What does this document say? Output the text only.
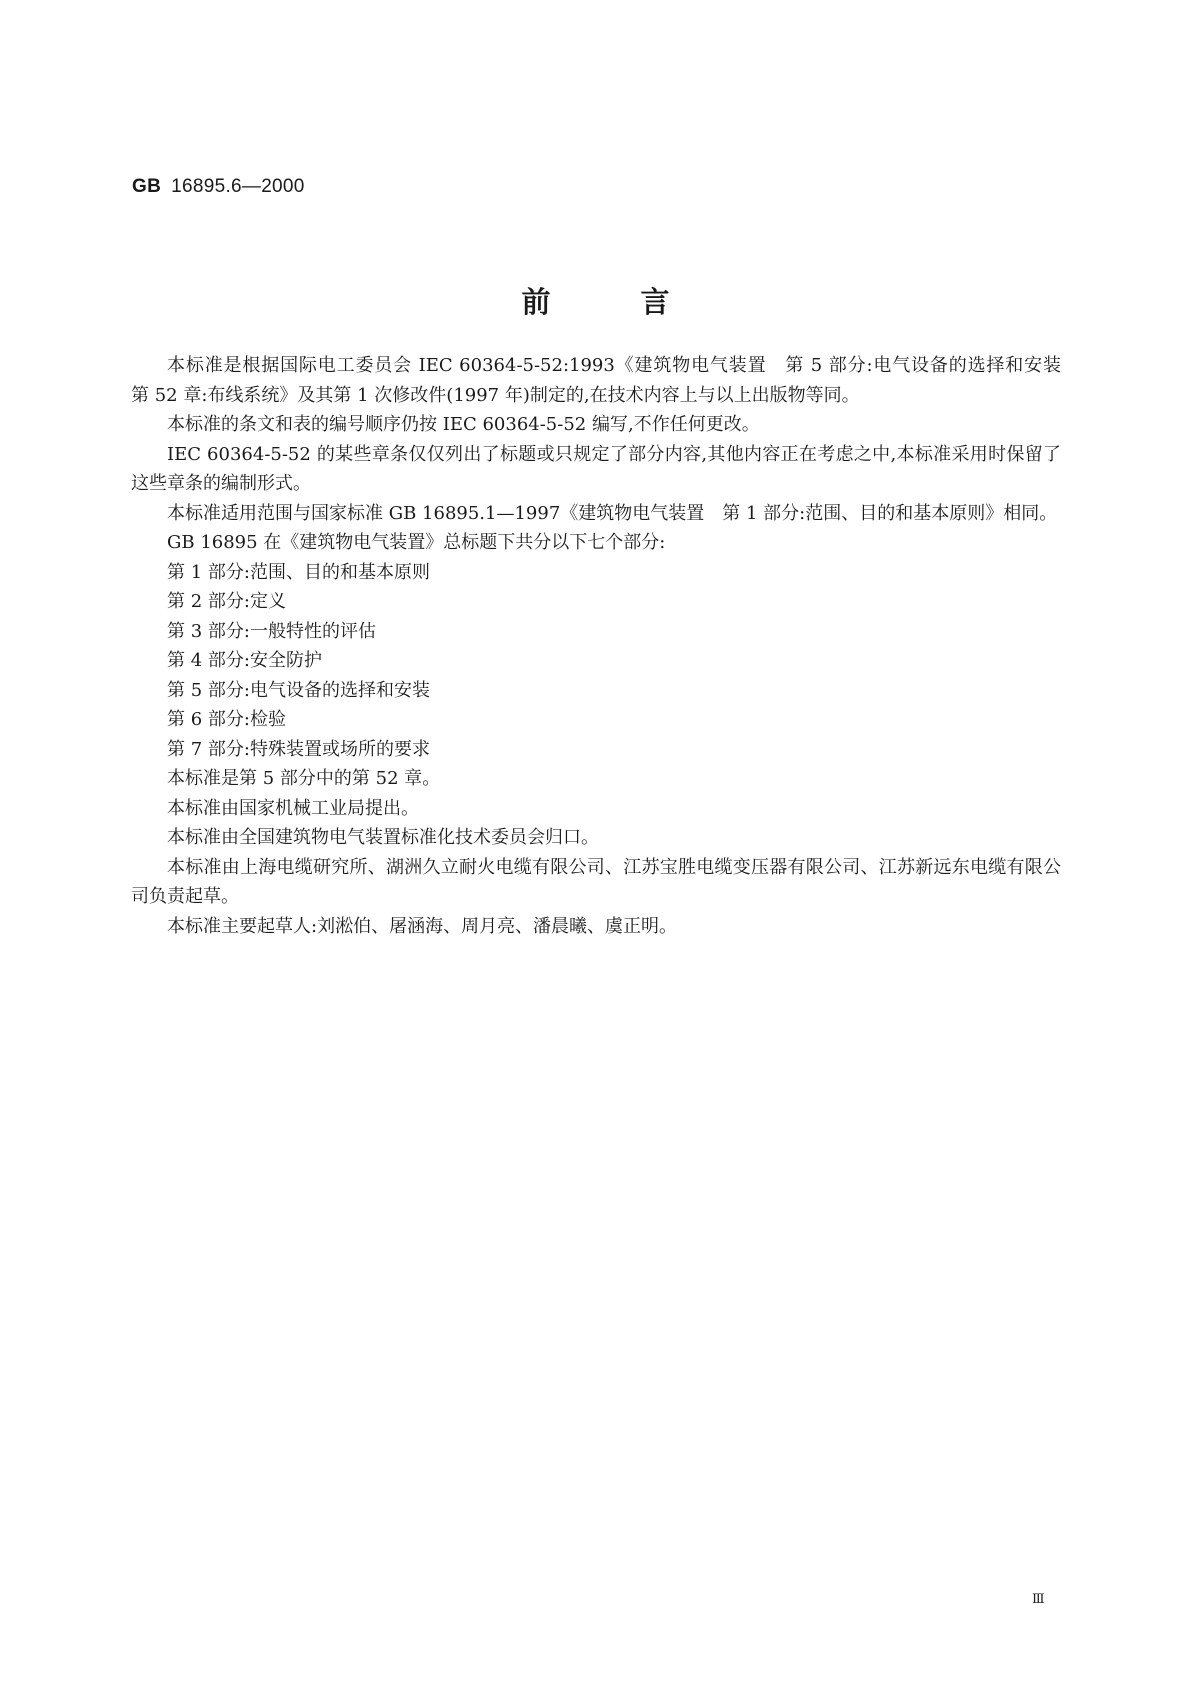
GB 16895.6—2000
前言

本标准是根据国际电工委员会 IEC 60364-5-52:1993《建筑物电气装置　第 5 部分:电气设备的选择和安装　第 52 章:布线系统》及其第 1 次修改件(1997 年)制定的,在技术内容上与以上出版物等同。

本标准的条文和表的编号顺序仍按 IEC 60364-5-52 编写,不作任何更改。

IEC 60364-5-52 的某些章条仅仅列出了标题或只规定了部分内容,其他内容正在考虑之中,本标准采用时保留了这些章条的编制形式。

本标准适用范围与国家标准 GB 16895.1—1997《建筑物电气装置　第 1 部分:范围、目的和基本原则》相同。

GB 16895 在《建筑物电气装置》总标题下共分以下七个部分:

第 1 部分:范围、目的和基本原则

第 2 部分:定义

第 3 部分:一般特性的评估

第 4 部分:安全防护

第 5 部分:电气设备的选择和安装

第 6 部分:检验

第 7 部分:特殊装置或场所的要求

本标准是第 5 部分中的第 52 章。

本标准由国家机械工业局提出。

本标准由全国建筑物电气装置标准化技术委员会归口。

本标准由上海电缆研究所、湖洲久立耐火电缆有限公司、江苏宝胜电缆变压器有限公司、江苏新远东电缆有限公司负责起草。

本标准主要起草人:刘淞伯、屠涵海、周月亮、潘晨曦、虞正明。

Ⅲ
